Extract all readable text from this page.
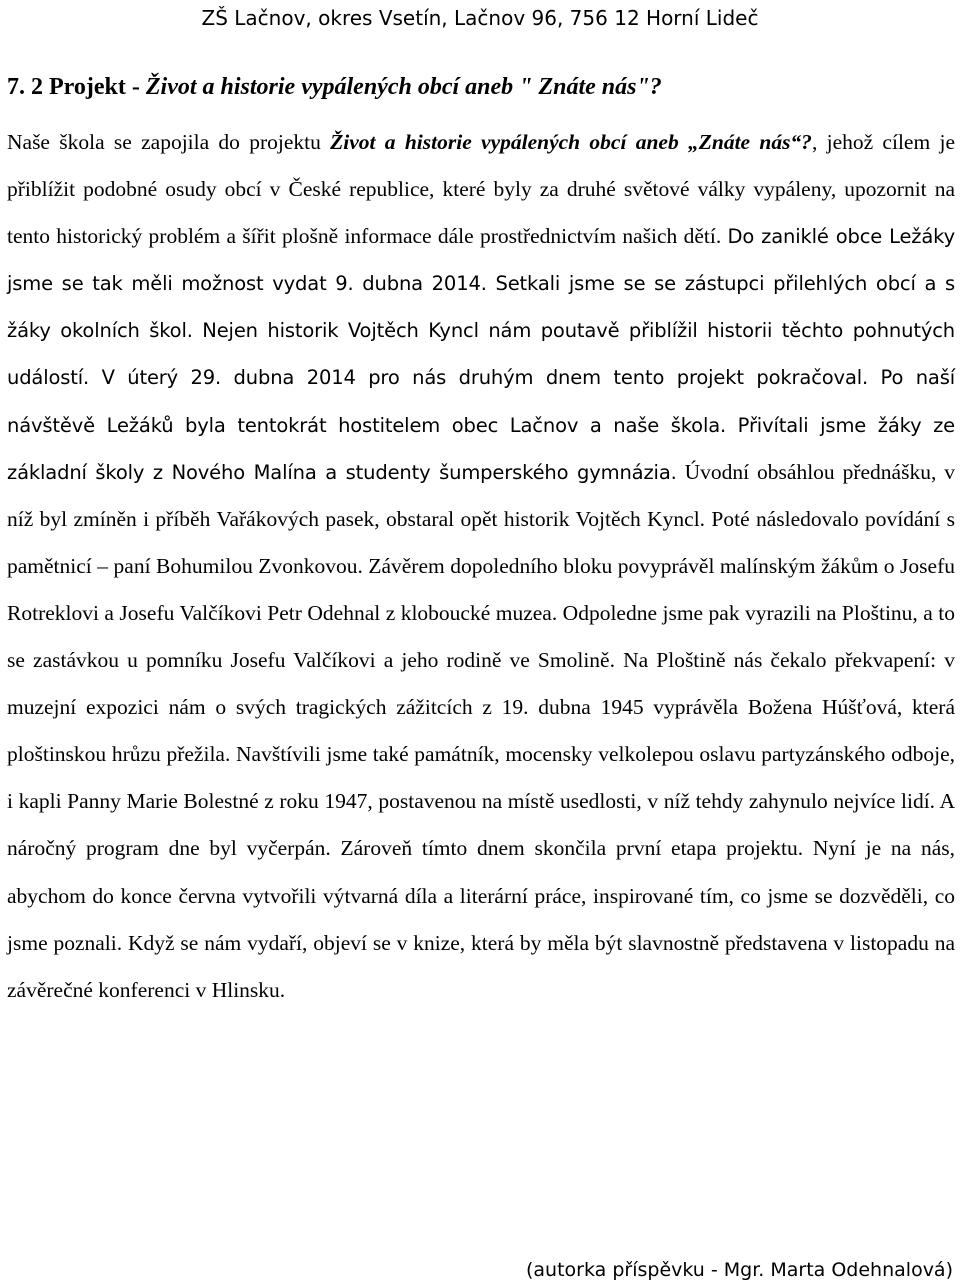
ZŠ Lačnov, okres Vsetín, Lačnov 96, 756 12 Horní Lideč
7. 2 Projekt - Život a historie vypálených obcí aneb " Znáte nás"?

Naše škola se zapojila do projektu Život a historie vypálených obcí aneb „Znáte nás“?, jehož cílem je přiblížit podobné osudy obcí v České republice, které byly za druhé světové války vypáleny, upozornit na tento historický problém a šířit plošně informace dále prostřednictvím našich dětí. Do zaniklé obce Ležáky jsme se tak měli možnost vydat 9. dubna 2014. Setkali jsme se se zástupci přilehlých obcí a s žáky okolních škol. Nejen historik Vojtěch Kyncl nám poutavě přiblížil historii těchto pohnutých událostí. V úterý 29. dubna 2014 pro nás druhým dnem tento projekt pokračoval. Po naší návštěvě Ležáků byla tentokrát hostitelem obec Lačnov a naše škola. Přivítali jsme žáky ze základní školy z Nového Malína a studenty šumperského gymnázia. Úvodní obsáhlou přednášku, v níž byl zmíněn i příběh Vařákových pasek, obstaral opět historik Vojtěch Kyncl. Poté následovalo povídání s pamětnicí – paní Bohumilou Zvonkovou. Závěrem dopoledního bloku povyprávěl malínským žákům o Josefu Rotreklovi a Josefu Valčíkovi Petr Odehnal z kloboucké muzea. Odpoledne jsme pak vyrazili na Ploštinu, a to se zastávkou u pomníku Josefu Valčíkovi a jeho rodině ve Smolině. Na Ploštině nás čekalo překvapení: v muzejní expozici nám o svých tragických zážitcích z 19. dubna 1945 vyprávěla Božena Húšťová, která ploštinskou hrůzu přežila. Navštívili jsme také památník, mocensky velkolepou oslavu partyzánského odboje, i kapli Panny Marie Bolestné z roku 1947, postavenou na místě usedlosti, v níž tehdy zahynulo nejvíce lidí. A náročný program dne byl vyčerpán. Zároveň tímto dnem skončila první etapa projektu. Nyní je na nás, abychom do konce června vytvořili výtvarná díla a literární práce, inspirované tím, co jsme se dozvěděli, co jsme poznali. Když se nám vydaří, objeví se v knize, která by měla být slavnostně představena v listopadu na závěrečné konferenci v Hlinsku.

(autorka příspěvku - Mgr. Marta Odehnalová)
